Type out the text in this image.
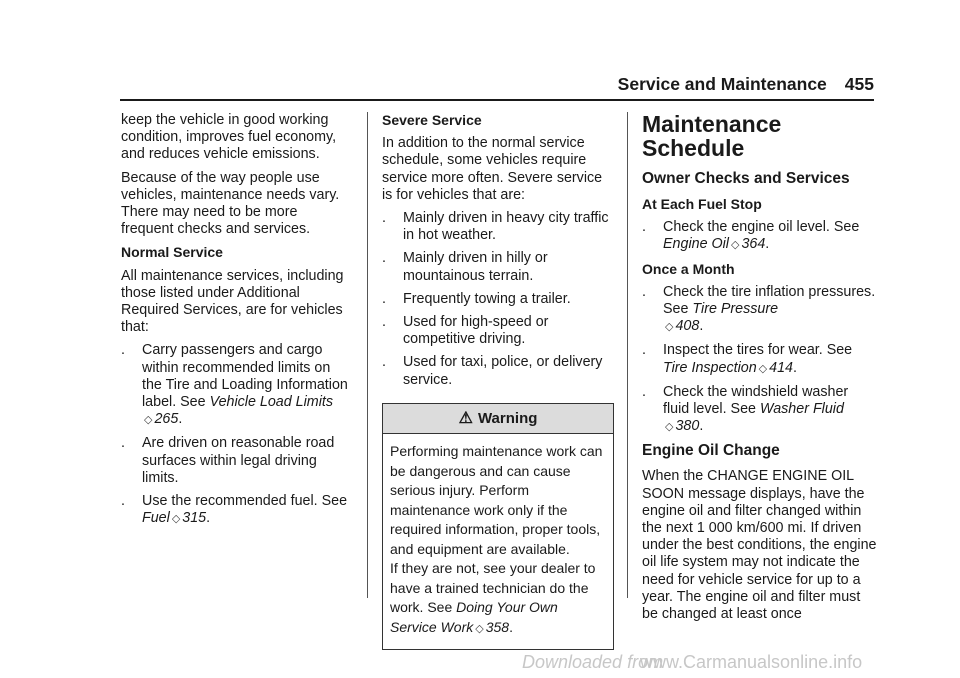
Service and Maintenance 455

keep the vehicle in good working condition, improves fuel economy, and reduces vehicle emissions.

Because of the way people use vehicles, maintenance needs vary. There may need to be more frequent checks and services.

Normal Service

All maintenance services, including those listed under Additional Required Services, are for vehicles that:

.	Carry passengers and cargo within recommended limits on the Tire and Loading Information label. See Vehicle Load Limits
◇ 265.
.	Are driven on reasonable road surfaces within legal driving limits.
.	Use the recommended fuel. See
Fuel ◇ 315.

Severe Service

In addition to the normal service schedule, some vehicles require service more often. Severe service is for vehicles that are:

.	Mainly driven in heavy city traffic in hot weather.
.	Mainly driven in hilly or mountainous terrain.
.	Frequently towing a trailer.
.	Used for high-speed or competitive driving.
.	Used for taxi, police, or delivery service.
⚠ Warning
Performing maintenance work can be dangerous and can cause serious injury. Perform maintenance work only if the required information, proper tools, and equipment are available.
If they are not, see your dealer to have a trained technician do the work. See Doing Your Own Service Work ◇ 358.
Maintenance Schedule
Owner Checks and Services

At Each Fuel Stop

.	Check the engine oil level. See Engine Oil ◇ 364.

Once a Month

.	Check the tire inflation pressures. See Tire Pressure
◇ 408.
.	Inspect the tires for wear. See Tire Inspection ◇ 414.
.	Check the windshield washer fluid level. See Washer Fluid
◇ 380.
Engine Oil Change

When the CHANGE ENGINE OIL SOON message displays, have the engine oil and filter changed within the next 1 000 km/600 mi. If driven under the best conditions, the engine oil life system may not indicate the need for vehicle service for up to a year. The engine oil and filter must be changed at least once

Downloaded from
www.Carmanualsonline.info
